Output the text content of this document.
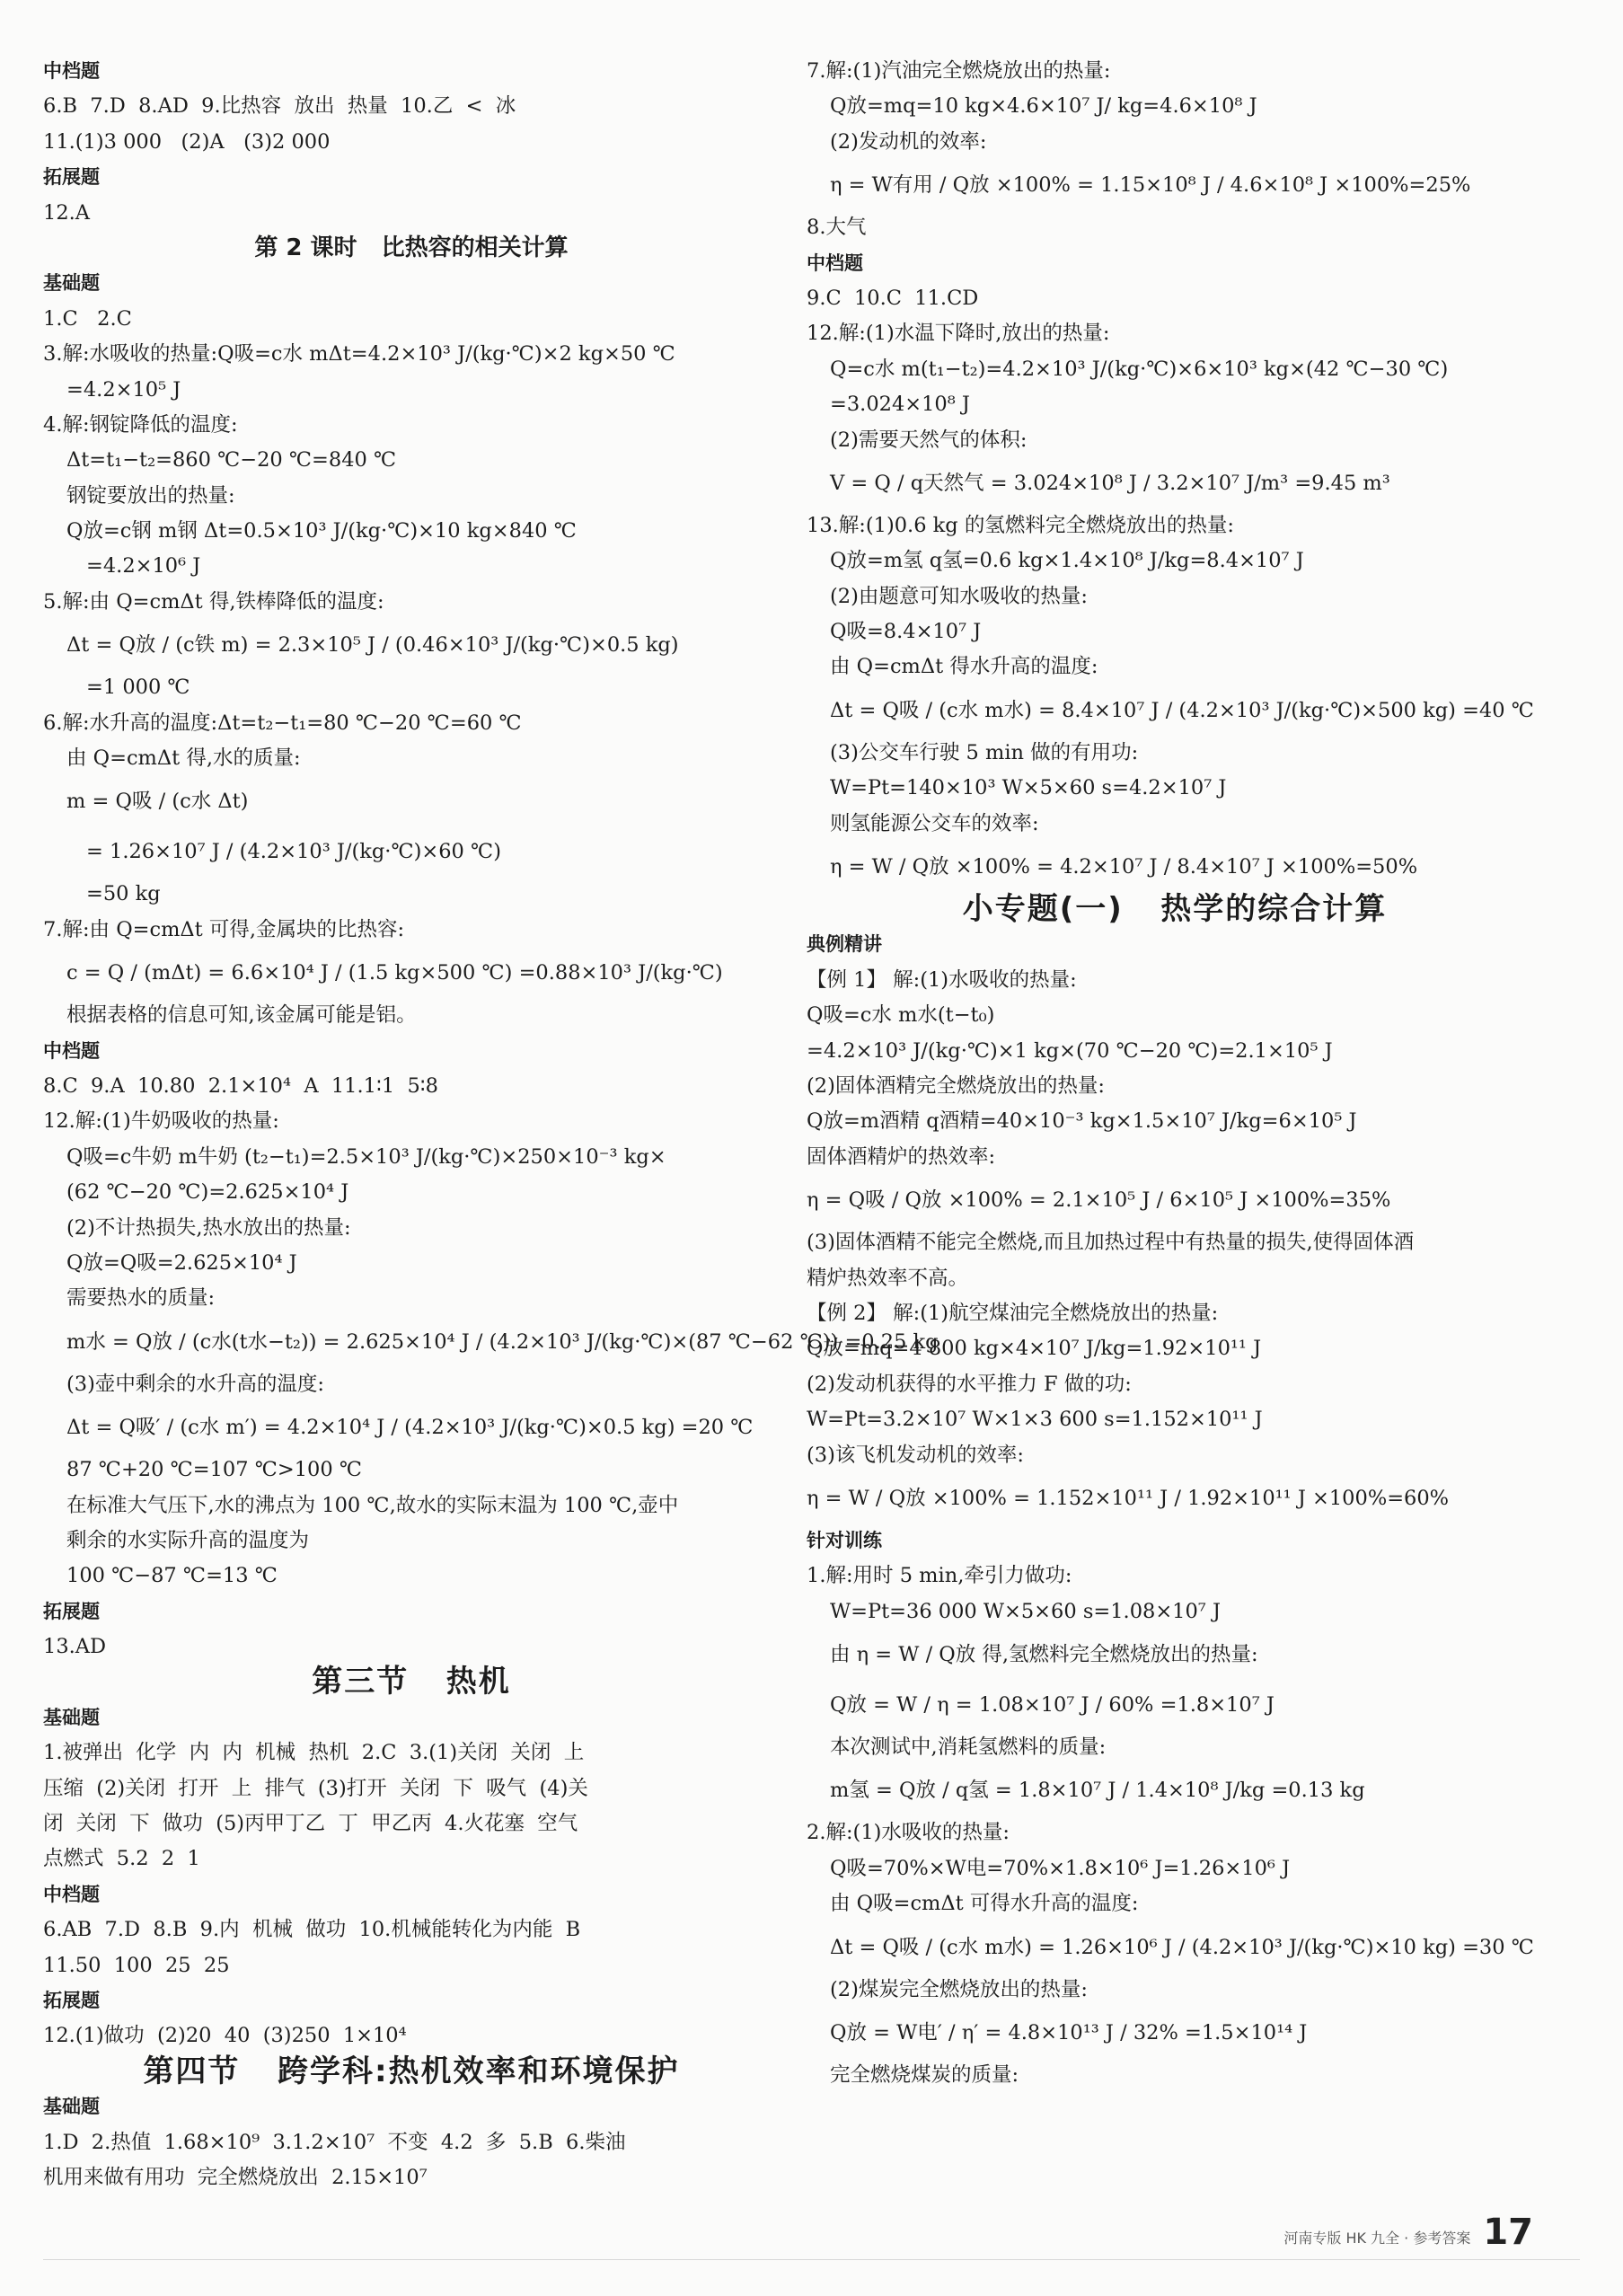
中档题
6.B  7.D  8.AD  9.比热容  放出  热量  10.乙  <  冰
11.(1)3 000   (2)A   (3)2 000
拓展题
12.A
第 2 课时   比热容的相关计算
基础题
1.C   2.C
3.解:水吸收的热量:Q吸=c水 mΔt=4.2×10³ J/(kg·℃)×2 kg×50 ℃
=4.2×10⁵ J
4.解:钢锭降低的温度:
Δt=t₁−t₂=860 ℃−20 ℃=840 ℃
钢锭要放出的热量:
Q放=c钢 m钢 Δt=0.5×10³ J/(kg·℃)×10 kg×840 ℃
=4.2×10⁶ J
5.解:由 Q=cmΔt 得,铁棒降低的温度:
Δt = Q放 / (c铁 m) = 2.3×10⁵ J / (0.46×10³ J/(kg·℃)×0.5 kg)
=1 000 ℃
6.解:水升高的温度:Δt=t₂−t₁=80 ℃−20 ℃=60 ℃
由 Q=cmΔt 得,水的质量:
m = Q吸 / (c水 Δt)
= 1.26×10⁷ J / (4.2×10³ J/(kg·℃)×60 ℃)
=50 kg
7.解:由 Q=cmΔt 可得,金属块的比热容:
c = Q / (mΔt) = 6.6×10⁴ J / (1.5 kg×500 ℃) =0.88×10³ J/(kg·℃)
根据表格的信息可知,该金属可能是铝。
中档题
8.C  9.A  10.80  2.1×10⁴  A  11.1∶1  5∶8
12.解:(1)牛奶吸收的热量:
Q吸=c牛奶 m牛奶 (t₂−t₁)=2.5×10³ J/(kg·℃)×250×10⁻³ kg×
(62 ℃−20 ℃)=2.625×10⁴ J
(2)不计热损失,热水放出的热量:
Q放=Q吸=2.625×10⁴ J
需要热水的质量:
m水 = Q放 / (c水(t水−t₂)) = 2.625×10⁴ J / (4.2×10³ J/(kg·℃)×(87 ℃−62 ℃)) =0.25 kg
(3)壶中剩余的水升高的温度:
Δt = Q吸′ / (c水 m′) = 4.2×10⁴ J / (4.2×10³ J/(kg·℃)×0.5 kg) =20 ℃
87 ℃+20 ℃=107 ℃>100 ℃
在标准大气压下,水的沸点为 100 ℃,故水的实际末温为 100 ℃,壶中
剩余的水实际升高的温度为
100 ℃−87 ℃=13 ℃
拓展题
13.AD
第三节   热机
基础题
1.被弹出  化学  内  内  机械  热机  2.C  3.(1)关闭  关闭  上
压缩  (2)关闭  打开  上  排气  (3)打开  关闭  下  吸气  (4)关
闭  关闭  下  做功  (5)丙甲丁乙  丁  甲乙丙  4.火花塞  空气
点燃式  5.2  2  1
中档题
6.AB  7.D  8.B  9.内  机械  做功  10.机械能转化为内能  B
11.50  100  25  25
拓展题
12.(1)做功  (2)20  40  (3)250  1×10⁴
第四节   跨学科:热机效率和环境保护
基础题
1.D  2.热值  1.68×10⁹  3.1.2×10⁷  不变  4.2  多  5.B  6.柴油
机用来做有用功  完全燃烧放出  2.15×10⁷
7.解:(1)汽油完全燃烧放出的热量:
Q放=mq=10 kg×4.6×10⁷ J/ kg=4.6×10⁸ J
(2)发动机的效率:
η = W有用 / Q放 ×100% = 1.15×10⁸ J / 4.6×10⁸ J ×100%=25%
8.大气
中档题
9.C  10.C  11.CD
12.解:(1)水温下降时,放出的热量:
Q=c水 m(t₁−t₂)=4.2×10³ J/(kg·℃)×6×10³ kg×(42 ℃−30 ℃)
=3.024×10⁸ J
(2)需要天然气的体积:
V = Q / q天然气 = 3.024×10⁸ J / 3.2×10⁷ J/m³ =9.45 m³
13.解:(1)0.6 kg 的氢燃料完全燃烧放出的热量:
Q放=m氢 q氢=0.6 kg×1.4×10⁸ J/kg=8.4×10⁷ J
(2)由题意可知水吸收的热量:
Q吸=8.4×10⁷ J
由 Q=cmΔt 得水升高的温度:
Δt = Q吸 / (c水 m水) = 8.4×10⁷ J / (4.2×10³ J/(kg·℃)×500 kg) =40 ℃
(3)公交车行驶 5 min 做的有用功:
W=Pt=140×10³ W×5×60 s=4.2×10⁷ J
则氢能源公交车的效率:
η = W / Q放 ×100% = 4.2×10⁷ J / 8.4×10⁷ J ×100%=50%
小专题(一)   热学的综合计算
典例精讲
【例 1】 解:(1)水吸收的热量:
Q吸=c水 m水(t−t₀)
=4.2×10³ J/(kg·℃)×1 kg×(70 ℃−20 ℃)=2.1×10⁵ J
(2)固体酒精完全燃烧放出的热量:
Q放=m酒精 q酒精=40×10⁻³ kg×1.5×10⁷ J/kg=6×10⁵ J
固体酒精炉的热效率:
η = Q吸 / Q放 ×100% = 2.1×10⁵ J / 6×10⁵ J ×100%=35%
(3)固体酒精不能完全燃烧,而且加热过程中有热量的损失,使得固体酒
精炉热效率不高。
【例 2】 解:(1)航空煤油完全燃烧放出的热量:
Q放=mq=4 800 kg×4×10⁷ J/kg=1.92×10¹¹ J
(2)发动机获得的水平推力 F 做的功:
W=Pt=3.2×10⁷ W×1×3 600 s=1.152×10¹¹ J
(3)该飞机发动机的效率:
η = W / Q放 ×100% = 1.152×10¹¹ J / 1.92×10¹¹ J ×100%=60%
针对训练
1.解:用时 5 min,牵引力做功:
W=Pt=36 000 W×5×60 s=1.08×10⁷ J
由 η = W / Q放 得,氢燃料完全燃烧放出的热量:
Q放 = W / η = 1.08×10⁷ J / 60% =1.8×10⁷ J
本次测试中,消耗氢燃料的质量:
m氢 = Q放 / q氢 = 1.8×10⁷ J / 1.4×10⁸ J/kg =0.13 kg
2.解:(1)水吸收的热量:
Q吸=70%×W电=70%×1.8×10⁶ J=1.26×10⁶ J
由 Q吸=cmΔt 可得水升高的温度:
Δt = Q吸 / (c水 m水) = 1.26×10⁶ J / (4.2×10³ J/(kg·℃)×10 kg) =30 ℃
(2)煤炭完全燃烧放出的热量:
Q放 = W电′ / η′ = 4.8×10¹³ J / 32% =1.5×10¹⁴ J
完全燃烧煤炭的质量:
河南专版 HK 九全 · 参考答案 17
